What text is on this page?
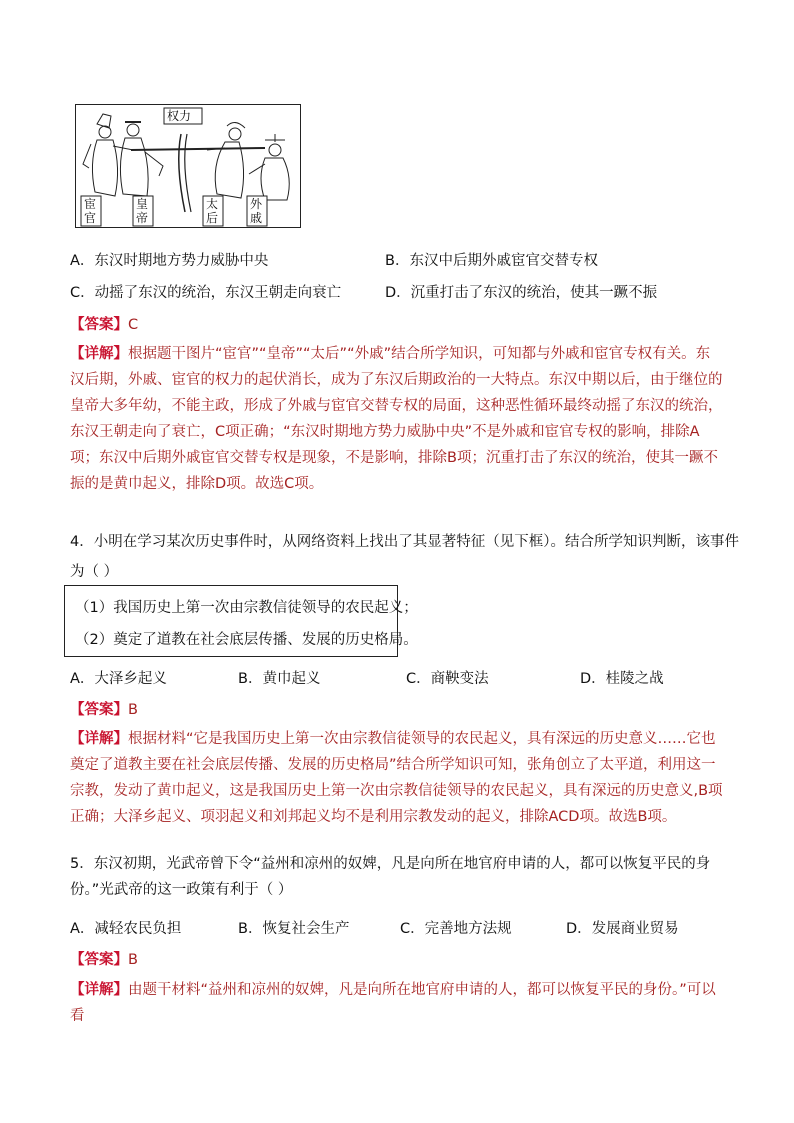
权力
宦官
皇帝
太后
外戚
A．东汉时期地方势力威胁中央	B．东汉中后期外戚宦官交替专权
C．动摇了东汉的统治，东汉王朝走向衰亡	D．沉重打击了东汉的统治，使其一蹶不振
【答案】C
【详解】根据题干图片“宦官”“皇帝”“太后”“外戚”结合所学知识，可知都与外戚和宦官专权有关。东汉后期，外戚、宦官的权力的起伏消长，成为了东汉后期政治的一大特点。东汉中期以后，由于继位的皇帝大多年幼，不能主政，形成了外戚与宦官交替专权的局面，这种恶性循环最终动摇了东汉的统治，东汉王朝走向了衰亡，C项正确；“东汉时期地方势力威胁中央”不是外戚和宦官专权的影响，排除A项；东汉中后期外戚宦官交替专权是现象，不是影响，排除B项；沉重打击了东汉的统治，使其一蹶不振的是黄巾起义，排除D项。故选C项。
4．小明在学习某次历史事件时，从网络资料上找出了其显著特征（见下框）。结合所学知识判断，该事件
为（ ）
（1）我国历史上第一次由宗教信徒领导的农民起义；
（2）奠定了道教在社会底层传播、发展的历史格局。
A．大泽乡起义	B．黄巾起义	C．商鞅变法	D．桂陵之战
【答案】B
【详解】根据材料“它是我国历史上第一次由宗教信徒领导的农民起义，具有深远的历史意义……它也奠定了道教主要在社会底层传播、发展的历史格局”结合所学知识可知，张角创立了太平道，利用这一宗教，发动了黄巾起义，这是我国历史上第一次由宗教信徒领导的农民起义，具有深远的历史意义,B项正确；大泽乡起义、项羽起义和刘邦起义均不是利用宗教发动的起义，排除ACD项。故选B项。
5．东汉初期，光武帝曾下令“益州和凉州的奴婢，凡是向所在地官府申请的人，都可以恢复平民的身份。”光武帝的这一政策有利于（ ）
A．减轻农民负担	B．恢复社会生产	C．完善地方法规	D．发展商业贸易
【答案】B
【详解】由题干材料“益州和凉州的奴婢，凡是向所在地官府申请的人，都可以恢复平民的身份。”可以看
